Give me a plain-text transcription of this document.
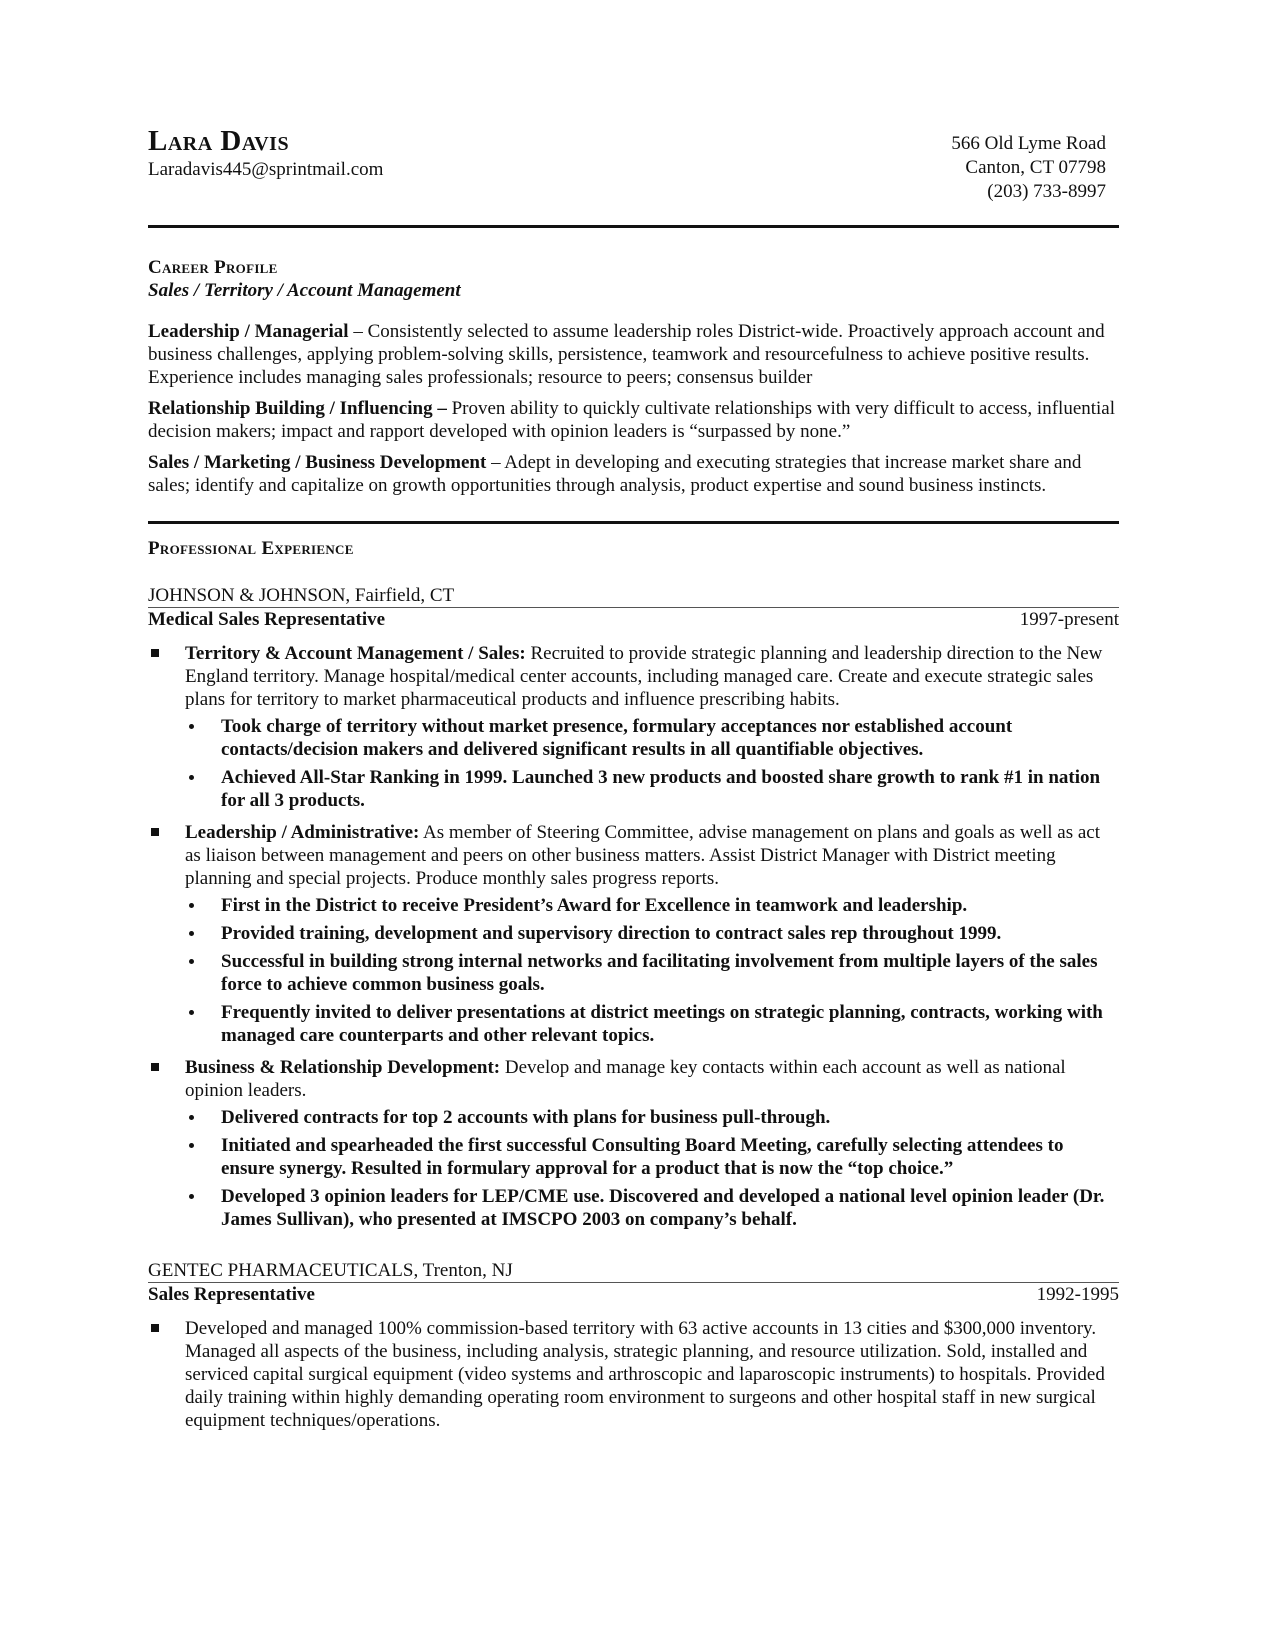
Lara Davis
Laradavis445@sprintmail.com
566 Old Lyme Road
Canton, CT 07798
(203) 733-8997
Career Profile
Sales / Territory / Account Management

Leadership / Managerial – Consistently selected to assume leadership roles District-wide. Proactively approach account and business challenges, applying problem-solving skills, persistence, teamwork and resourcefulness to achieve positive results. Experience includes managing sales professionals; resource to peers; consensus builder

Relationship Building / Influencing – Proven ability to quickly cultivate relationships with very difficult to access, influential decision makers; impact and rapport developed with opinion leaders is “surpassed by none.”

Sales / Marketing / Business Development – Adept in developing and executing strategies that increase market share and sales; identify and capitalize on growth opportunities through analysis, product expertise and sound business instincts.

Professional Experience
JOHNSON & JOHNSON, Fairfield, CT
Medical Sales Representative	1997-present
Territory & Account Management / Sales: Recruited to provide strategic planning and leadership direction to the New England territory. Manage hospital/medical center accounts, including managed care. Create and execute strategic sales plans for territory to market pharmaceutical products and influence prescribing habits.
Took charge of territory without market presence, formulary acceptances nor established account contacts/decision makers and delivered significant results in all quantifiable objectives.
Achieved All-Star Ranking in 1999. Launched 3 new products and boosted share growth to rank #1 in nation for all 3 products.
Leadership / Administrative: As member of Steering Committee, advise management on plans and goals as well as act as liaison between management and peers on other business matters. Assist District Manager with District meeting planning and special projects. Produce monthly sales progress reports.
First in the District to receive President’s Award for Excellence in teamwork and leadership.
Provided training, development and supervisory direction to contract sales rep throughout 1999.
Successful in building strong internal networks and facilitating involvement from multiple layers of the sales force to achieve common business goals.
Frequently invited to deliver presentations at district meetings on strategic planning, contracts, working with managed care counterparts and other relevant topics.
Business & Relationship Development: Develop and manage key contacts within each account as well as national opinion leaders.
Delivered contracts for top 2 accounts with plans for business pull-through.
Initiated and spearheaded the first successful Consulting Board Meeting, carefully selecting attendees to ensure synergy. Resulted in formulary approval for a product that is now the “top choice.”
Developed 3 opinion leaders for LEP/CME use. Discovered and developed a national level opinion leader (Dr. James Sullivan), who presented at IMSCPO 2003 on company’s behalf.
GENTEC PHARMACEUTICALS, Trenton, NJ
Sales Representative	1992-1995
Developed and managed 100% commission-based territory with 63 active accounts in 13 cities and $300,000 inventory. Managed all aspects of the business, including analysis, strategic planning, and resource utilization. Sold, installed and serviced capital surgical equipment (video systems and arthroscopic and laparoscopic instruments) to hospitals. Provided daily training within highly demanding operating room environment to surgeons and other hospital staff in new surgical equipment techniques/operations.
